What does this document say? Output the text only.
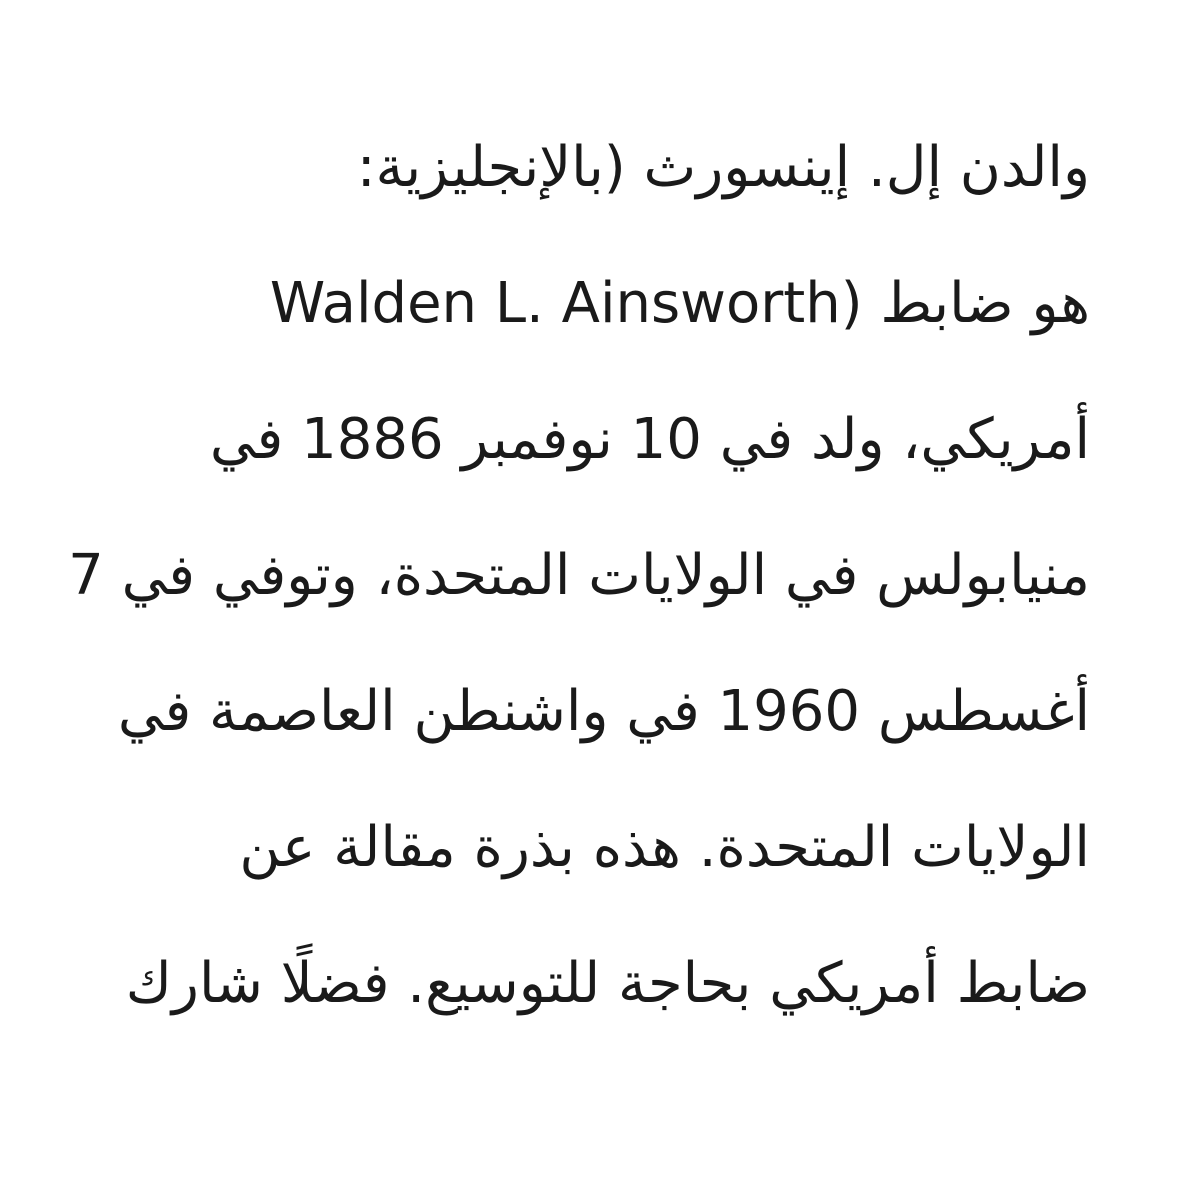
والدن إل. إينسورث (بالإنجليزية:
Walden L. Ainsworth) هو ضابط
أمريكي، ولد في 10 نوفمبر 1886 في
منيابولس في الولايات المتحدة، وتوفي في 7
أغسطس 1960 في واشنطن العاصمة في
الولايات المتحدة. هذه بذرة مقالة عن
ضابط أمريكي بحاجة للتوسيع. فضلًا شارك
